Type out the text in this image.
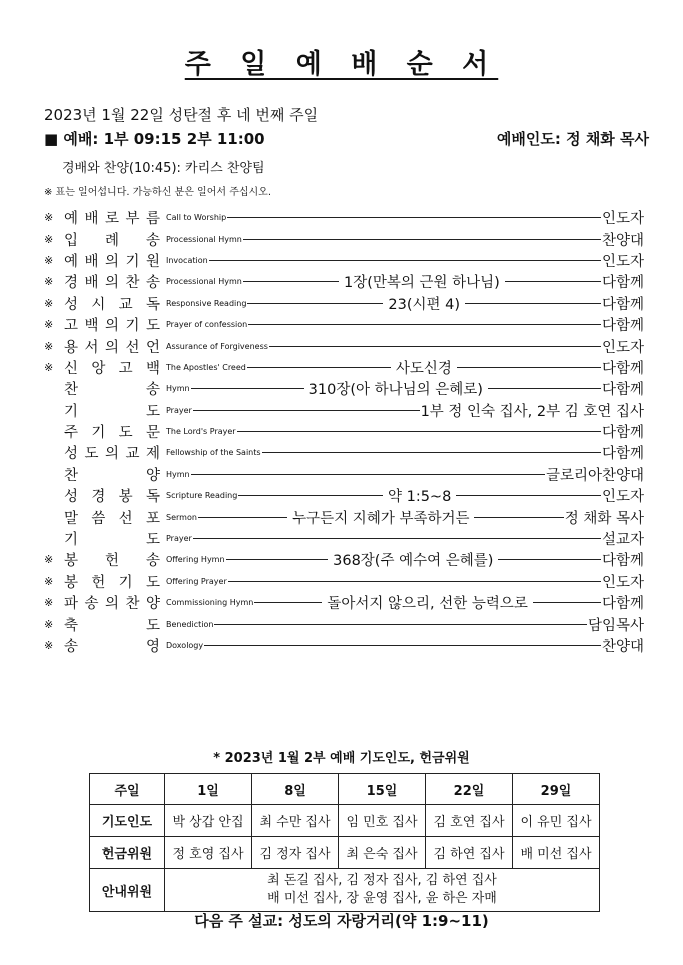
주 일 예 배 순 서
2023년 1월 22일 성탄절 후 네 번째 주일
■ 예배: 1부 09:15 2부 11:00	예배인도: 정 채화 목사
경배와 찬양(10:45): 카리스 찬양팀
※ 표는 일어섭니다. 가능하신 분은 일어서 주십시오.
※ 예 배 로 부 름 Call to Worship	인도자
※ 입 례 송 Processional Hymn	찬양대
※ 예 배 의 기 원 Invocation	인도자
※ 경 배 의 찬 송 Processional Hymn	1장(만복의 근원 하나님)	다함께
※ 성 시 교 독 Responsive Reading	23(시편 4)	다함께
※ 고 백 의 기 도 Prayer of confession	다함께
※ 용 서 의 선 언 Assurance of Forgiveness	인도자
※ 신 앙 고 백 The Apostles' Creed	사도신경	다함께
찬	송 Hymn	310장(아 하나님의 은혜로)	다함께
기	도 Prayer	1부 정 인숙 집사, 2부 김 호연 집사
주 기 도 문 The Lord's Prayer	다함께
성 도 의 교 제 Fellowship of the Saints	다함께
찬	양 Hymn	글로리아찬양대
성 경 봉 독 Scripture Reading	약 1:5~8	인도자
말 씀 선 포 Sermon	누구든지 지혜가 부족하거든	정 채화 목사
기	도 Prayer	설교자
※ 봉 헌 송 Offering Hymn	368장(주 예수여 은혜를)	다함께
※ 봉 헌 기 도 Offering Prayer	인도자
※ 파 송 의 찬 양 Commissioning Hymn	돌아서지 않으리, 선한 능력으로	다함께
※ 축	도 Benediction	담임목사
※ 송	영 Doxology	찬양대
* 2023년 1월 2부 예배 기도인도, 헌금위원
주일	1일	8일	15일	22일	29일
기도인도	박 상갑 안집	최 수만 집사	임 민호 집사	김 호연 집사	이 유민 집사
헌금위원	정 호영 집사	김 정자 집사	최 은숙 집사	김 하연 집사	배 미선 집사
안내위원	최 돈길 집사, 김 정자 집사, 김 하연 집사
배 미선 집사, 장 윤영 집사, 윤 하은 자매				
다음 주 설교: 성도의 자랑거리(약 1:9~11)
